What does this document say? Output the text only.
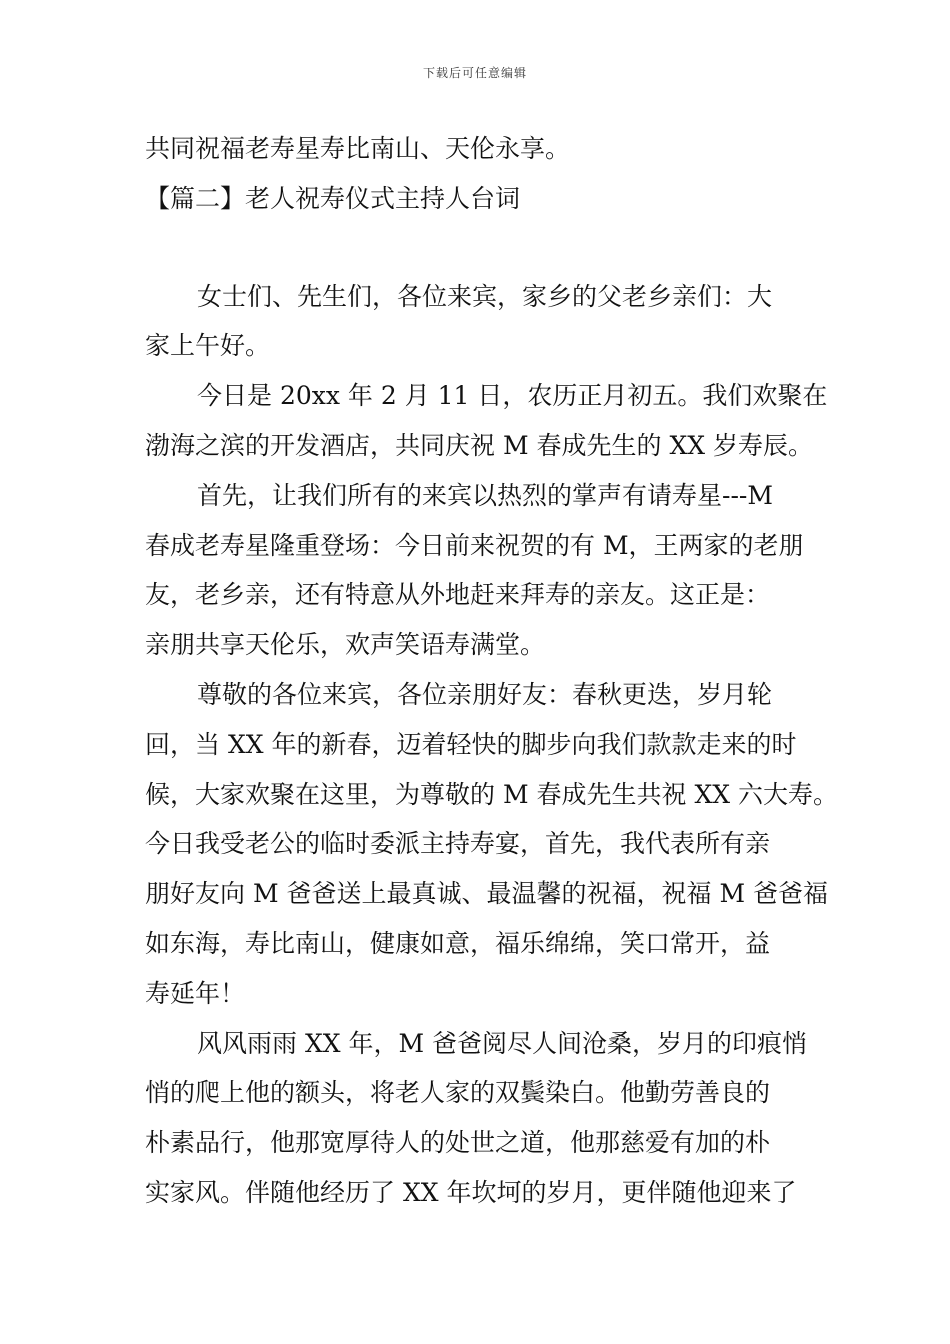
下载后可任意编辑
共同祝福老寿星寿比南山、天伦永享。
【篇二】老人祝寿仪式主持人台词
女士们、先生们，各位来宾，家乡的父老乡亲们：大
家上午好。
今日是 20xx 年 2 月 11 日，农历正月初五。我们欢聚在
渤海之滨的开发酒店，共同庆祝 M 春成先生的 XX 岁寿辰。
首先，让我们所有的来宾以热烈的掌声有请寿星---M
春成老寿星隆重登场：今日前来祝贺的有 M，王两家的老朋
友，老乡亲，还有特意从外地赶来拜寿的亲友。这正是：
亲朋共享天伦乐，欢声笑语寿满堂。
尊敬的各位来宾，各位亲朋好友：春秋更迭，岁月轮
回，当 XX 年的新春，迈着轻快的脚步向我们款款走来的时
候，大家欢聚在这里，为尊敬的 M 春成先生共祝 XX 六大寿。
今日我受老公的临时委派主持寿宴，首先，我代表所有亲
朋好友向 M 爸爸送上最真诚、最温馨的祝福，祝福 M 爸爸福
如东海，寿比南山，健康如意，福乐绵绵，笑口常开，益
寿延年！
风风雨雨 XX 年，M 爸爸阅尽人间沧桑，岁月的印痕悄
悄的爬上他的额头，将老人家的双鬓染白。他勤劳善良的
朴素品行，他那宽厚待人的处世之道，他那慈爱有加的朴
实家风。伴随他经历了 XX 年坎坷的岁月，更伴随他迎来了
